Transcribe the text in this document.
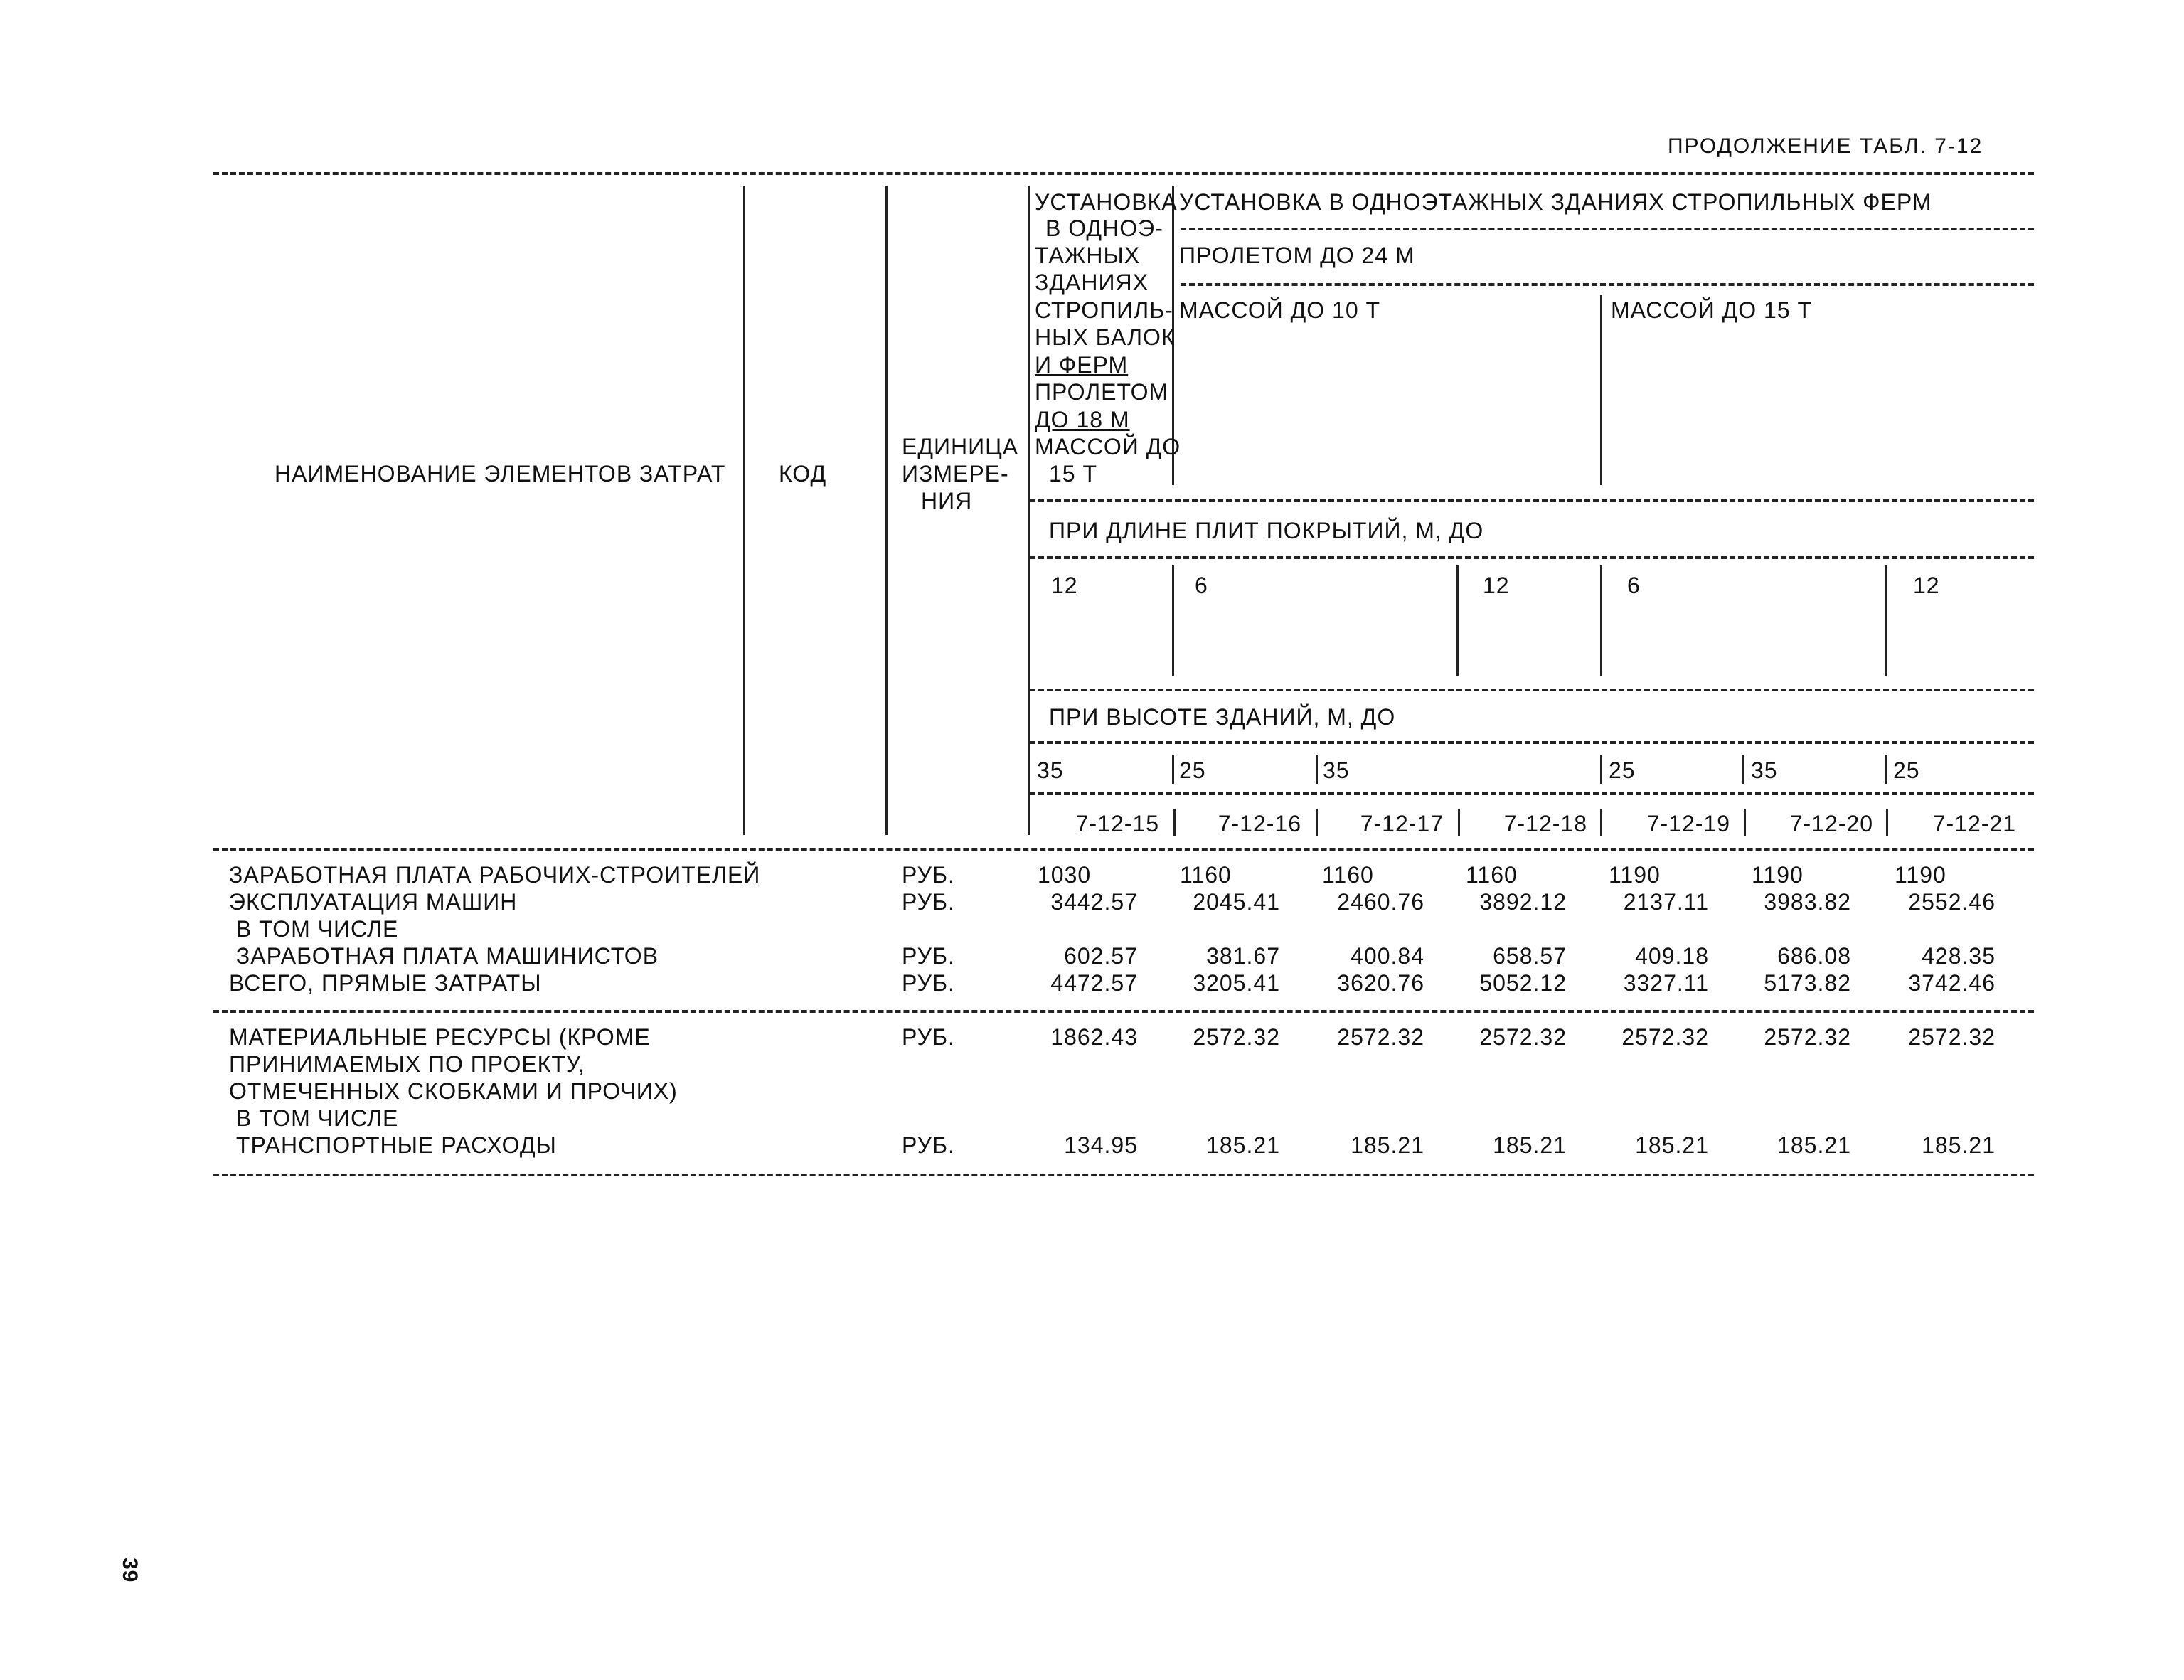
ПРОДОЛЖЕНИЕ ТАБЛ. 7-12
НАИМЕНОВАНИЕ ЭЛЕМЕНТОВ ЗАТРАТ КОД
ЕДИНИЦА
ИЗМЕРЕ-
НИЯ
УСТАНОВКА
В ОДНОЭ-
ТАЖНЫХ
ЗДАНИЯХ
СТРОПИЛЬ-
НЫХ БАЛОК
И ФЕРМ
ПРОЛЕТОМ
ДО 18 М
МАССОЙ ДО
15 Т
УСТАНОВКА В ОДНОЭТАЖНЫХ ЗДАНИЯХ СТРОПИЛЬНЫХ ФЕРМ
ПРОЛЕТОМ ДО 24 М
МАССОЙ ДО 10 Т	МАССОЙ ДО 15 Т
ПРИ ДЛИНЕ ПЛИТ ПОКРЫТИЙ, М, ДО
12	6	12	6	12
ПРИ ВЫСОТЕ ЗДАНИЙ, М, ДО
35	25	35	25	35	25
7-12-15	7-12-16	7-12-17	7-12-18	7-12-19	7-12-20	7-12-21
ЗАРАБОТНАЯ ПЛАТА РАБОЧИХ-СТРОИТЕЛЕЙ	РУБ.	1030	1160	1160	1160	1190	1190	1190
ЭКСПЛУАТАЦИЯ МАШИН	РУБ.	3442.57	2045.41	2460.76	3892.12	2137.11	3983.82	2552.46
В ТОМ ЧИСЛЕ
ЗАРАБОТНАЯ ПЛАТА МАШИНИСТОВ	РУБ.	602.57	381.67	400.84	658.57	409.18	686.08	428.35
ВСЕГО, ПРЯМЫЕ ЗАТРАТЫ	РУБ.	4472.57	3205.41	3620.76	5052.12	3327.11	5173.82	3742.46
МАТЕРИАЛЬНЫЕ РЕСУРСЫ (КРОМЕ	РУБ.	1862.43	2572.32	2572.32	2572.32	2572.32	2572.32	2572.32
ПРИНИМАЕМЫХ ПО ПРОЕКТУ,
ОТМЕЧЕННЫХ СКОБКАМИ И ПРОЧИХ)
В ТОМ ЧИСЛЕ
ТРАНСПОРТНЫЕ РАСХОДЫ	РУБ.	134.95	185.21	185.21	185.21	185.21	185.21	185.21
39
